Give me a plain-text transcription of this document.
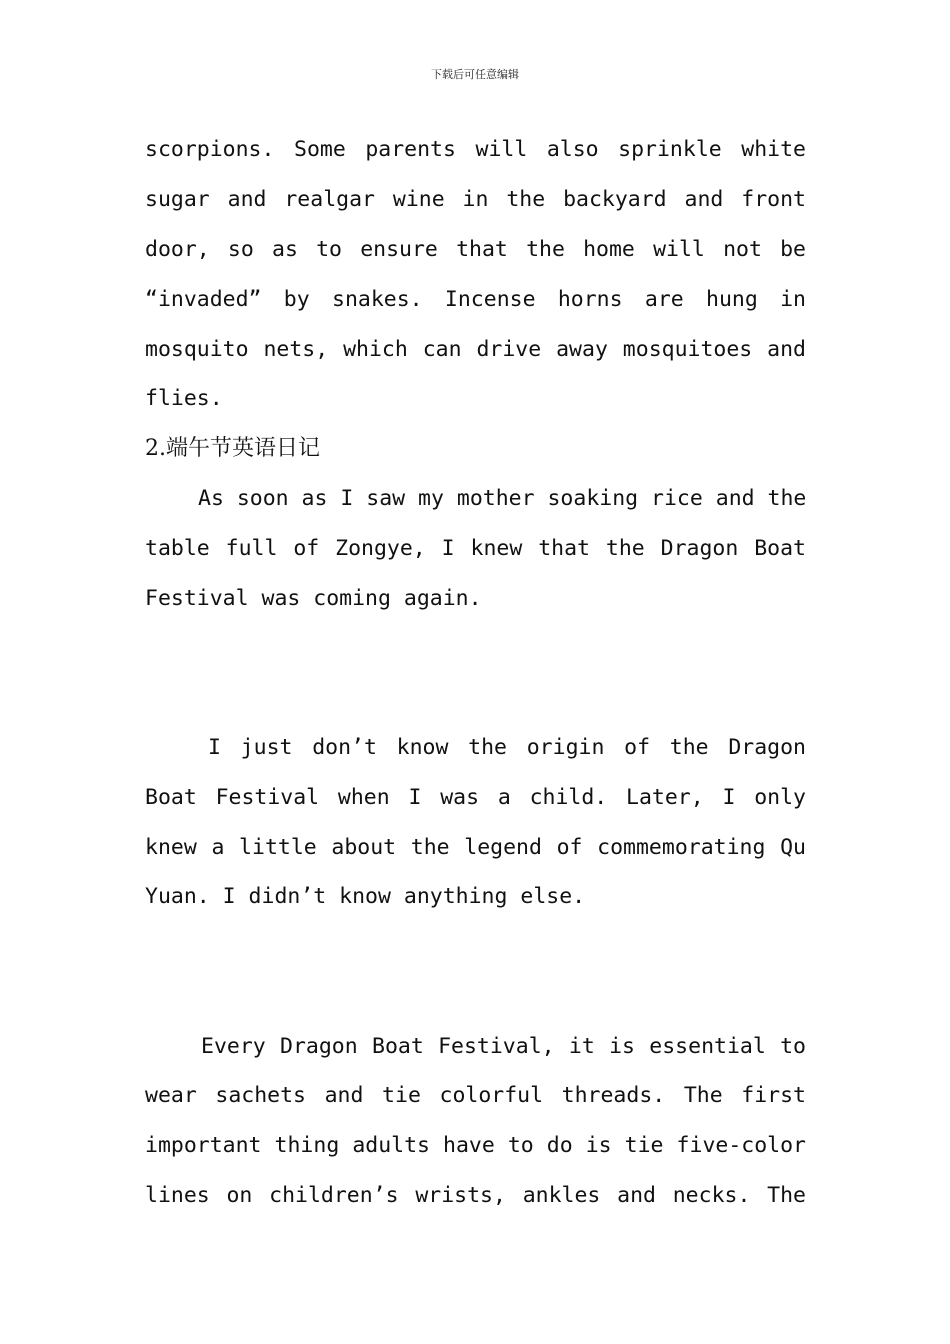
下载后可任意编辑
scorpions. Some parents will also sprinkle white
sugar and realgar wine in the backyard and front
door, so as to ensure that the home will not be
“invaded” by snakes. Incense horns are hung in
mosquito nets, which can drive away mosquitoes and
flies.
2.端午节英语日记
As soon as I saw my mother soaking rice and the
table full of Zongye, I knew that the Dragon Boat
Festival was coming again.
I just don’t know the origin of the Dragon
Boat Festival when I was a child. Later, I only
knew a little about the legend of commemorating Qu
Yuan. I didn’t know anything else.
Every Dragon Boat Festival, it is essential to
wear sachets and tie colorful threads. The first
important thing adults have to do is tie five-color
lines on children’s wrists, ankles and necks. The
